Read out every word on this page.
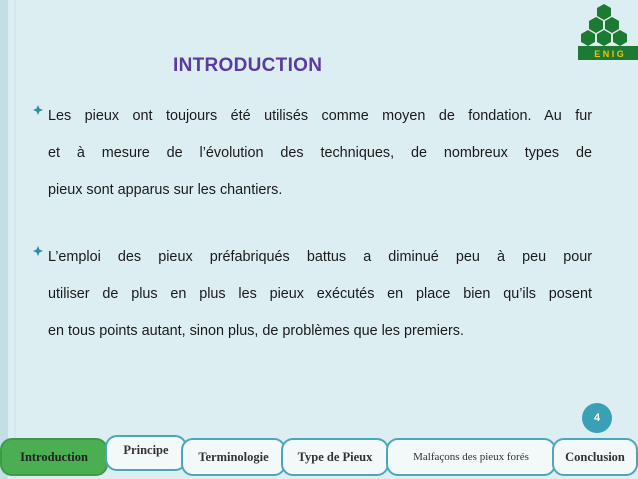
E N I G
INTRODUCTION
Les pieux ont toujours été utilisés comme moyen de fondation. Au fur
et à mesure de l’évolution des techniques, de nombreux types de
pieux sont apparus sur les chantiers.
L’emploi des pieux préfabriqués battus a diminué peu à peu pour
utiliser de plus en plus les pieux exécutés en place bien qu’ils posent
en tous points autant, sinon plus, de problèmes que les premiers.
4
Introduction	Principe	Terminologie	Type de Pieux	Malfaçons des pieux forés	Conclusion
